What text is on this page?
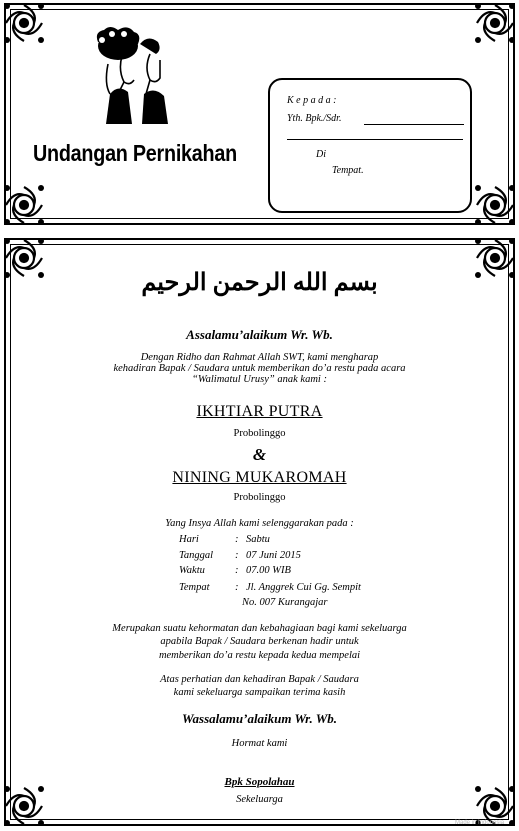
Undangan Pernikahan
K e p a d a :
Yth. Bpk./Sdr.
Di
Tempat.
بسم الله الرحمن الرحيم
Assalamu’alaikum Wr. Wb.
Dengan Ridho dan Rahmat Allah SWT, kami mengharap
kehadiran Bapak / Saudara untuk memberikan do’a restu pada acara
“Walimatul Urusy” anak kami :
IKHTIAR PUTRA
Probolinggo
&
NINING MUKAROMAH
Probolinggo
Yang Insya Allah kami selenggarakan pada :
Hari	: Sabtu
Tanggal : 07 Juni 2015
Waktu	: 07.00 WIB
Tempat : Jl. Anggrek Cui Gg. Sempit
No. 007 Kurangajar
Merupakan suatu kehormatan dan kebahagiaan bagi kami sekeluarga
apabila Bapak / Saudara berkenan hadir untuk
memberikan do’a restu kepada kedua mempelai
Atas perhatian dan kehadiran Bapak / Saudara
kami sekeluarga sampaikan terima kasih
Wassalamu’alaikum Wr. Wb.
Hormat kami
Bpk Sopolahau
Sekeluarga
Made in Indonesia
